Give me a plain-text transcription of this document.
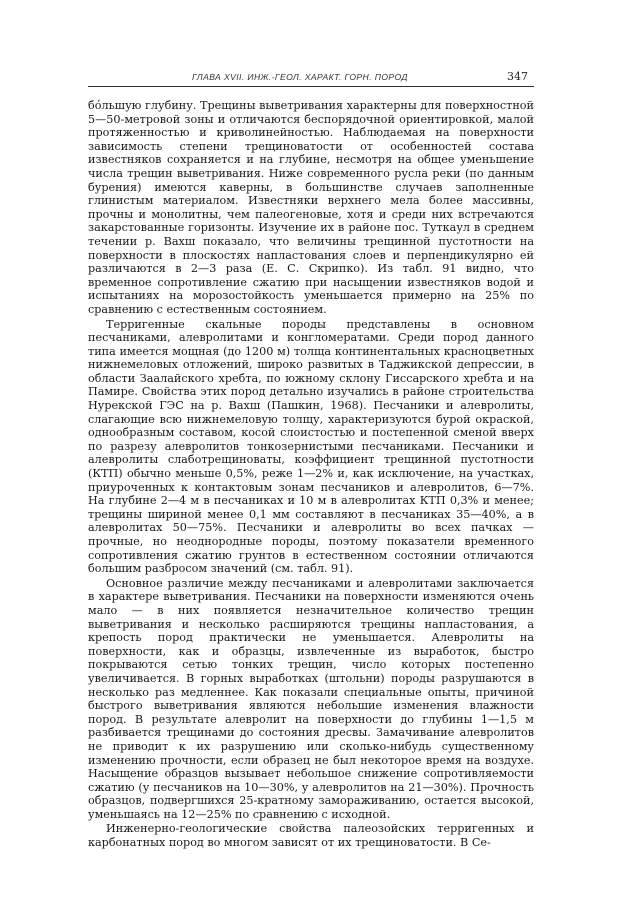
ГЛАВА XVII. ИНЖ.-ГЕОЛ. ХАРАКТ. ГОРН. ПОРОД	347

бóльшую глубину. Трещины выветривания характерны для поверхностной 5—50-метровой зоны и отличаются беспорядочной ориентировкой, малой протяженностью и криволинейностью. Наблюдаемая на поверхности зависимость степени трещиноватости от особенностей состава известняков сохраняется и на глубине, несмотря на общее уменьшение числа трещин выветривания. Ниже современного русла реки (по данным бурения) имеются каверны, в большинстве случаев заполненные глинистым материалом. Известняки верхнего мела более массивны, прочны и монолитны, чем палеогеновые, хотя и среди них встречаются закарстованные горизонты. Изучение их в районе пос. Туткаул в среднем течении р. Вахш показало, что величины трещинной пустотности на поверхности в плоскостях напластования слоев и перпендикулярно ей различаются в 2—3 раза (Е. С. Скрипко). Из табл. 91 видно, что временное сопротивление сжатию при насыщении известняков водой и испытаниях на морозостойкость уменьшается примерно на 25% по сравнению с естественным состоянием.

Терригенные скальные породы представлены в основном песчаниками, алевролитами и конгломератами. Среди пород данного типа имеется мощная (до 1200 м) толща континентальных красноцветных нижнемеловых отложений, широко развитых в Таджикской депрессии, в области Заалайского хребта, по южному склону Гиссарского хребта и на Памире. Свойства этих пород детально изучались в районе строительства Нурекской ГЭС на р. Вахш (Пашкин, 1968). Песчаники и алевролиты, слагающие всю нижнемеловую толщу, характеризуются бурой окраской, однообразным составом, косой слоистостью и постепенной сменой вверх по разрезу алевролитов тонкозернистыми песчаниками. Песчаники и алевролиты слаботрещиноваты, коэффициент трещинной пустотности (КТП) обычно меньше 0,5%, реже 1—2% и, как исключение, на участках, приуроченных к контактовым зонам песчаников и алевролитов, 6—7%. На глубине 2—4 м в песчаниках и 10 м в алевролитах КТП 0,3% и менее; трещины шириной менее 0,1 мм составляют в песчаниках 35—40%, а в алевролитах 50—75%. Песчаники и алевролиты во всех пачках — прочные, но неоднородные породы, поэтому показатели временного сопротивления сжатию грунтов в естественном состоянии отличаются большим разбросом значений (см. табл. 91).

Основное различие между песчаниками и алевролитами заключается в характере выветривания. Песчаники на поверхности изменяются очень мало — в них появляется незначительное количество трещин выветривания и несколько расширяются трещины напластования, а крепость пород практически не уменьшается. Алевролиты на поверхности, как и образцы, извлеченные из выработок, быстро покрываются сетью тонких трещин, число которых постепенно увеличивается. В горных выработках (штольни) породы разрушаются в несколько раз медленнее. Как показали специальные опыты, причиной быстрого выветривания являются небольшие изменения влажности пород. В результате алевролит на поверхности до глубины 1—1,5 м разбивается трещинами до состояния дресвы. Замачивание алевролитов не приводит к их разрушению или сколько-нибудь существенному изменению прочности, если образец не был некоторое время на воздухе. Насыщение образцов вызывает небольшое снижение сопротивляемости сжатию (у песчаников на 10—30%, у алевролитов на 21—30%). Прочность образцов, подвергшихся 25-кратному замораживанию, остается высокой, уменьшаясь на 12—25% по сравнению с исходной.

Инженерно-геологические свойства палеозойских терригенных и карбонатных пород во многом зависят от их трещиноватости. В Се-
